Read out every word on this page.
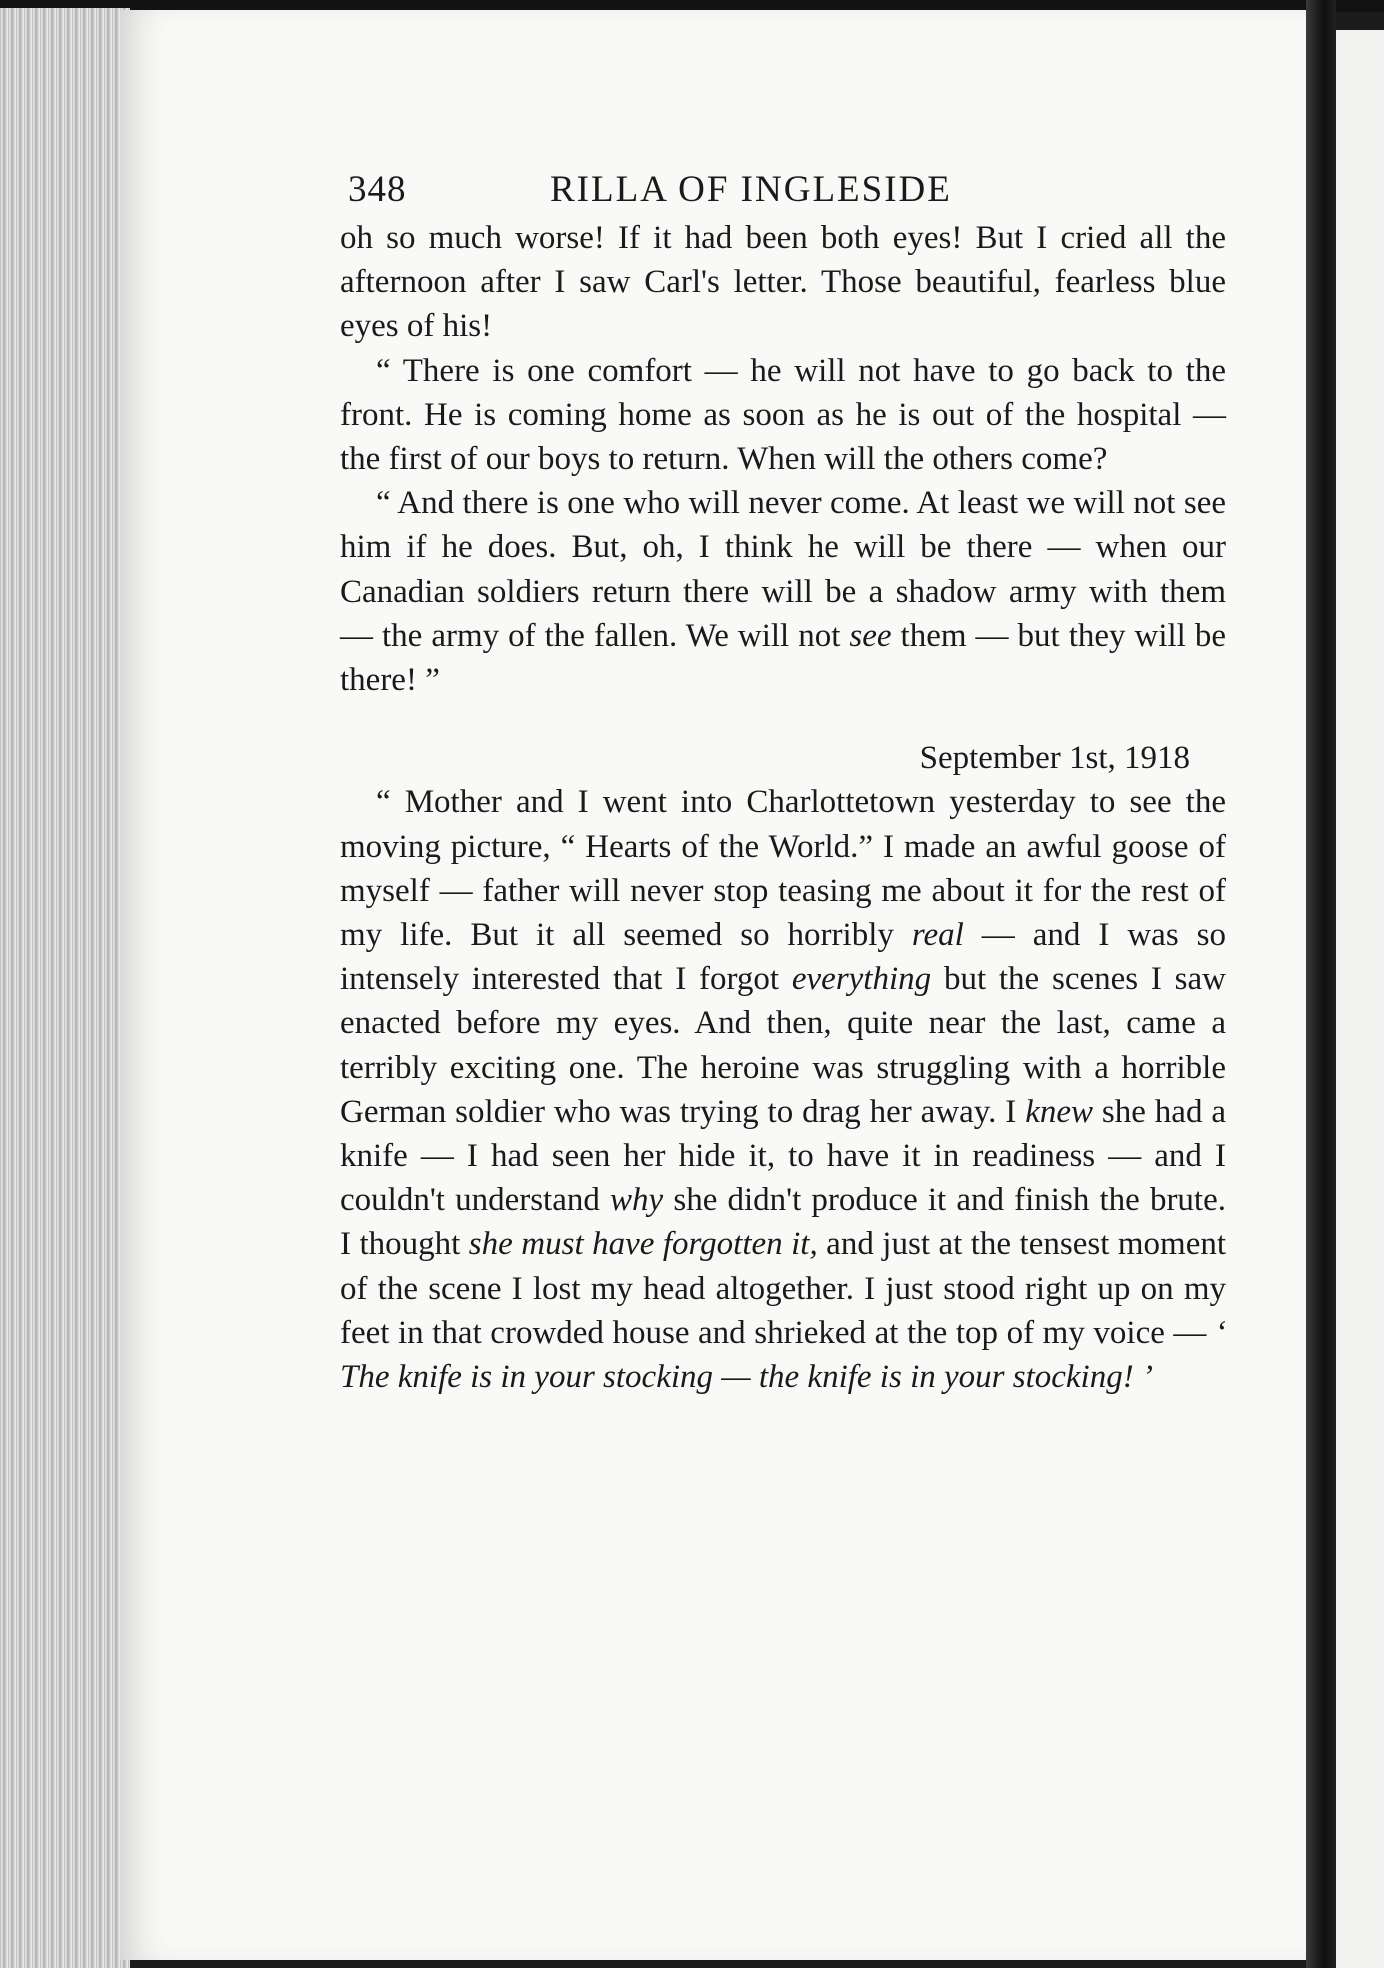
348	RILLA OF INGLESIDE

oh so much worse! If it had been both eyes! But I cried all the afternoon after I saw Carl's letter. Those beautiful, fearless blue eyes of his!

“ There is one comfort — he will not have to go back to the front. He is coming home as soon as he is out of the hospital — the first of our boys to return. When will the others come?

“ And there is one who will never come. At least we will not see him if he does. But, oh, I think he will be there — when our Canadian soldiers return there will be a shadow army with them — the army of the fallen. We will not see them — but they will be there! ”

September 1st, 1918

“ Mother and I went into Charlottetown yesterday to see the moving picture, “ Hearts of the World.” I made an awful goose of myself — father will never stop teasing me about it for the rest of my life. But it all seemed so horribly real — and I was so intensely interested that I forgot everything but the scenes I saw enacted before my eyes. And then, quite near the last, came a terribly exciting one. The heroine was struggling with a horrible German soldier who was trying to drag her away. I knew she had a knife — I had seen her hide it, to have it in readiness — and I couldn't understand why she didn't produce it and finish the brute. I thought she must have forgotten it, and just at the tensest moment of the scene I lost my head altogether. I just stood right up on my feet in that crowded house and shrieked at the top of my voice — ‘ The knife is in your stocking — the knife is in your stocking! ’
